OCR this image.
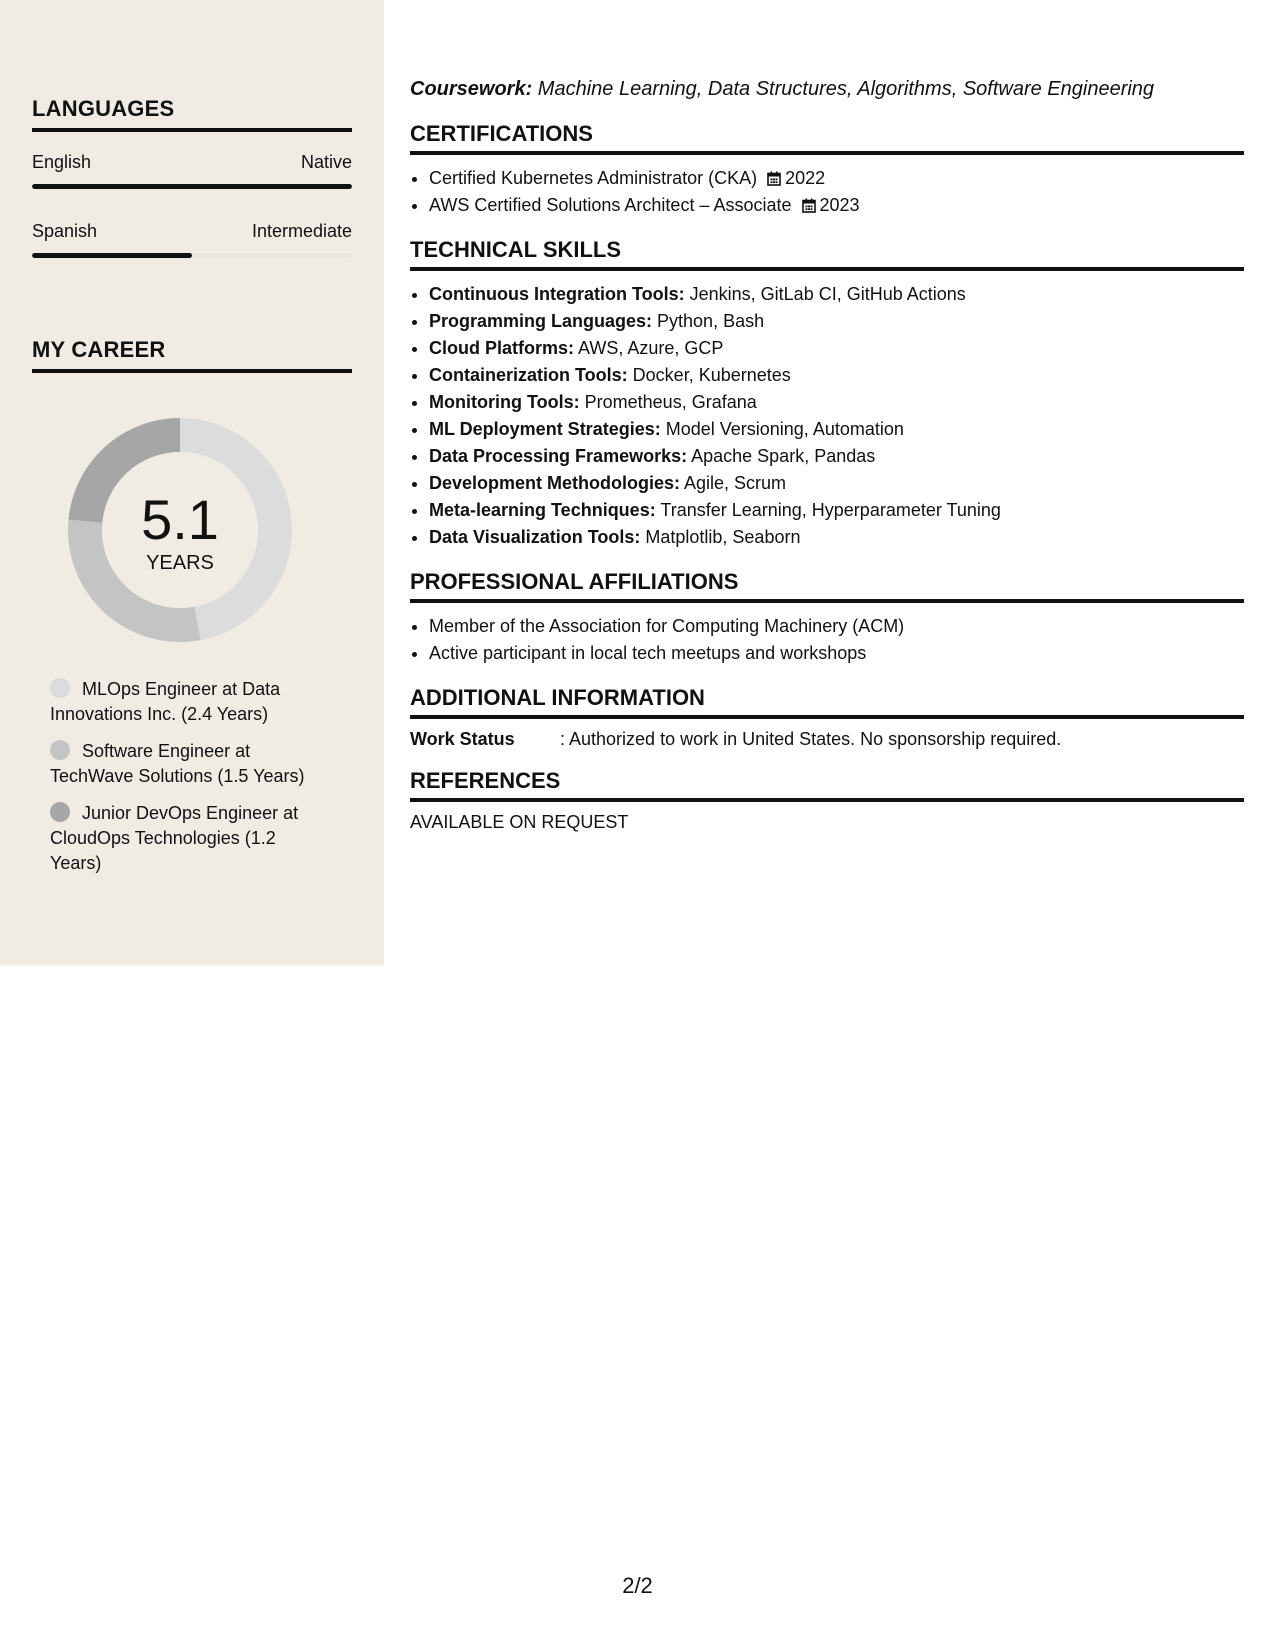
LANGUAGES
English	Native
Spanish	Intermediate
MY CAREER
5.1
YEARS
MLOps Engineer at Data Innovations Inc. (2.4 Years)
Software Engineer at TechWave Solutions (1.5 Years)
Junior DevOps Engineer at CloudOps Technologies (1.2 Years)

Coursework: Machine Learning, Data Structures, Algorithms, Software Engineering

CERTIFICATIONS
• Certified Kubernetes Administrator (CKA) 2022
• AWS Certified Solutions Architect – Associate 2023
TECHNICAL SKILLS
• Continuous Integration Tools: Jenkins, GitLab CI, GitHub Actions
• Programming Languages: Python, Bash
• Cloud Platforms: AWS, Azure, GCP
• Containerization Tools: Docker, Kubernetes
• Monitoring Tools: Prometheus, Grafana
• ML Deployment Strategies: Model Versioning, Automation
• Data Processing Frameworks: Apache Spark, Pandas
• Development Methodologies: Agile, Scrum
• Meta-learning Techniques: Transfer Learning, Hyperparameter Tuning
• Data Visualization Tools: Matplotlib, Seaborn
PROFESSIONAL AFFILIATIONS
• Member of the Association for Computing Machinery (ACM)
• Active participant in local tech meetups and workshops
ADDITIONAL INFORMATION
Work Status	: Authorized to work in United States. No sponsorship required.
REFERENCES

AVAILABLE ON REQUEST

2/2
